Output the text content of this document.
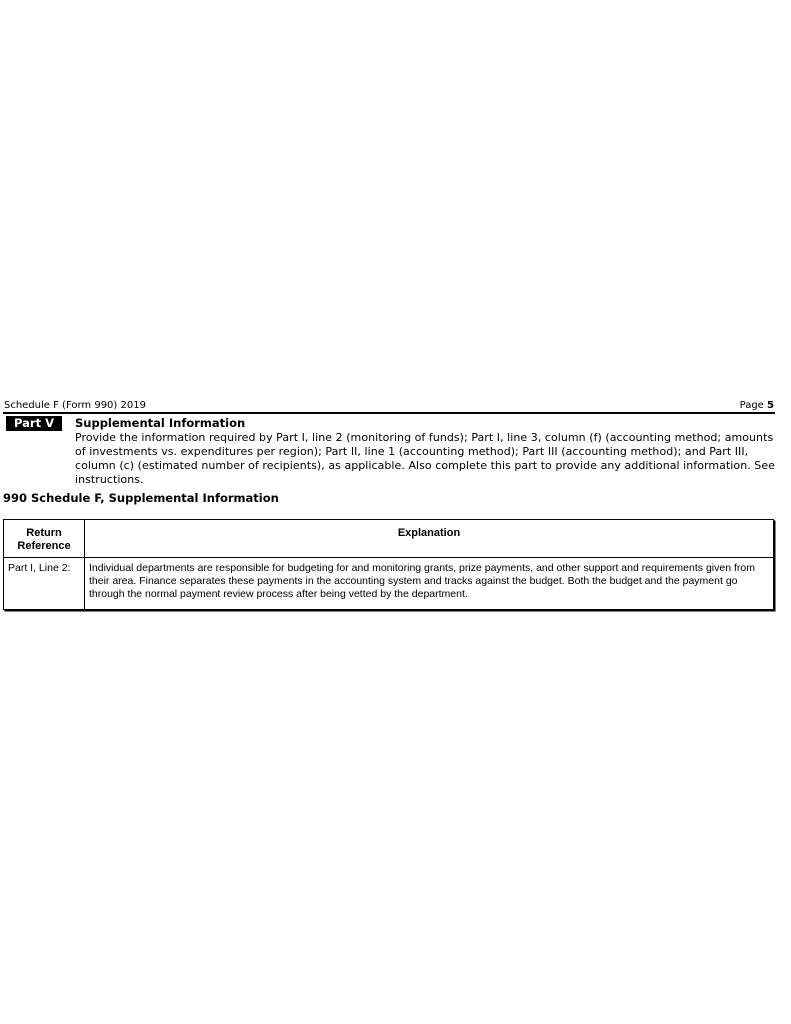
Schedule F (Form 990) 2019	Page 5
Part V	Supplemental Information
Provide the information required by Part I, line 2 (monitoring of funds); Part I, line 3, column (f) (accounting method; amounts of investments vs. expenditures per region); Part II, line 1 (accounting method); Part III (accounting method); and Part III, column (c) (estimated number of recipients), as applicable. Also complete this part to provide any additional information. See instructions.
990 Schedule F, Supplemental Information
Return
Reference	Explanation
Part I, Line 2:	Individual departments are responsible for budgeting for and monitoring grants, prize payments, and other support and requirements given from their area. Finance separates these payments in the accounting system and tracks against the budget. Both the budget and the payment go through the normal payment review process after being vetted by the department.
